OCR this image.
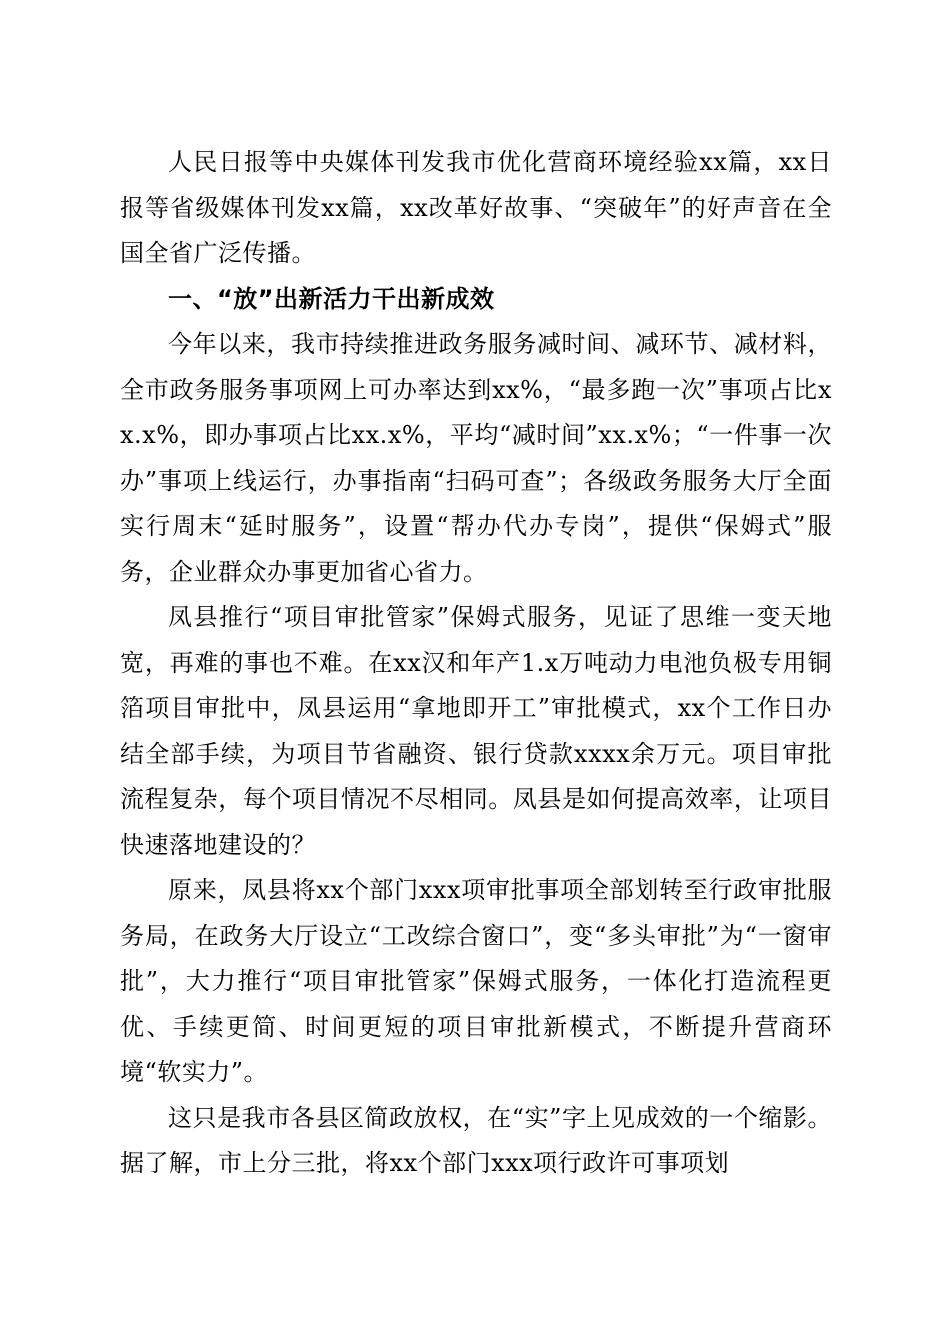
人民日报等中央媒体刊发我市优化营商环境经验xx篇，xx日报等省级媒体刊发xx篇，xx改革好故事、“突破年”的好声音在全国全省广泛传播。

一、“放”出新活力干出新成效

今年以来，我市持续推进政务服务减时间、减环节、减材料，全市政务服务事项网上可办率达到xx%，“最多跑一次”事项占比xx.x%，即办事项占比xx.x%，平均“减时间”xx.x%；“一件事一次办”事项上线运行，办事指南“扫码可查”；各级政务服务大厅全面实行周末“延时服务”，设置“帮办代办专岗”，提供“保姆式”服务，企业群众办事更加省心省力。

凤县推行“项目审批管家”保姆式服务，见证了思维一变天地宽，再难的事也不难。在xx汉和年产1.x万吨动力电池负极专用铜箔项目审批中，凤县运用“拿地即开工”审批模式，xx个工作日办结全部手续，为项目节省融资、银行贷款xxxx余万元。项目审批流程复杂，每个项目情况不尽相同。凤县是如何提高效率，让项目快速落地建设的？

原来，凤县将xx个部门xxx项审批事项全部划转至行政审批服务局，在政务大厅设立“工改综合窗口”，变“多头审批”为“一窗审批”，大力推行“项目审批管家”保姆式服务，一体化打造流程更优、手续更简、时间更短的项目审批新模式，不断提升营商环境“软实力”。

这只是我市各县区简政放权，在“实”字上见成效的一个缩影。据了解，市上分三批，将xx个部门xxx项行政许可事项划
